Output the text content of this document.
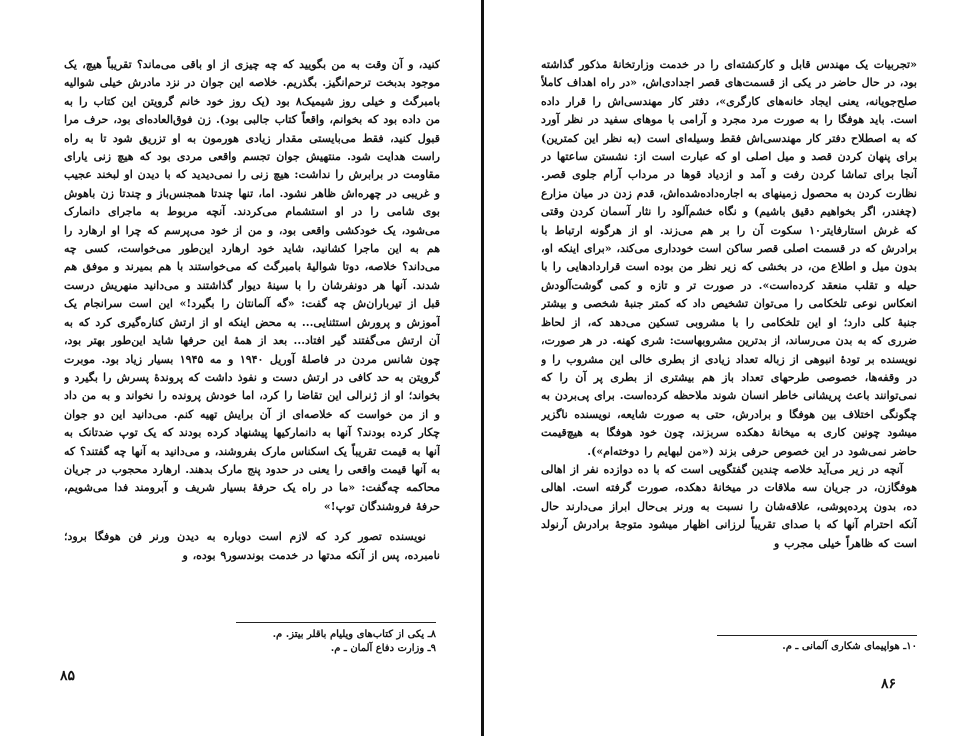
کنید، و آن وقت به من بگویید که چه چیزی از او باقی می‌ماند؟ تقریباً هیچ، یک موجود بدبخت ترحم‌انگیز. بگذریم. خلاصه این جوان در نزد مادرش خیلی شوالیه بامبرگث و خیلی روز شیمیک۸ بود (یک روز خود خانم گرویتن این کتاب را به من داده بود که بخوانم، واقعاً کتاب جالبی بود). زن فوق‌العاده‌ای بود، حرف مرا قبول کنید، فقط می‌بایستی مقدار زیادی هورمون به او تزریق شود تا به راه راست هدایت شود. منتهیش جوان تجسم واقعی مردی بود که هیچ زنی یارای مقاومت در برابرش را نداشت: هیچ زنی را نمی‌دیدید که با دیدن او لبخند عجیب و غریبی در چهره‌اش ظاهر نشود. اما، تنها چندتا همجنس‌باز و چندتا زن باهوش بوی شامی را در او استشمام می‌کردند. آنچه مربوط به ماجرای دانمارک می‌شود، یک خودکشی واقعی بود، و من از خود می‌پرسم که چرا او ارهارد را هم به این ماجرا کشانید، شاید خود ارهارد این‌طور می‌خواست، کسی چه می‌داند؟ خلاصه، دوتا شوالیهٔ بامبرگث که می‌خواستند با هم بمیرند و موفق هم شدند. آنها هر دونفرشان را با سینهٔ دیوار گذاشتند و می‌دانید منهریش درست قبل از تیرباران‌ش چه گفت: «گه آلمانتان را بگیرد!» این است سرانجام یک آموزش و پرورش استثنایی... به محض اینکه او از ارتش کناره‌گیری کرد که به آن ارتش می‌گفتند گیر افتاد... بعد از همهٔ این حرفها شاید این‌طور بهتر بود، چون شانس مردن در فاصلهٔ آوریل ۱۹۴۰ و مه ۱۹۴۵ بسیار زیاد بود. موبرت گرویتن به حد کافی در ارتش دست و نفوذ داشت که پروندهٔ پسرش را بگیرد و بخواند؛ او از ژنرالی این تقاضا را کرد، اما خودش پرونده را نخواند و به من داد و از من خواست که خلاصه‌ای از آن برایش تهیه کنم. می‌دانید این دو جوان چکار کرده بودند؟ آنها به دانمارکیها پیشنهاد کرده بودند که یک توپ ضدتانک به آنها به قیمت تقریباً یک اسکناس مارک بفروشند، و می‌دانید به آنها چه گفتند؟ که به آنها قیمت واقعی را یعنی در حدود پنج مارک بدهند. ارهارد محجوب در جریان محاکمه چه‌گفت: «ما در راه یک حرفهٔ بسیار شریف و آبرومند فدا می‌شویم، حرفهٔ فروشندگان توپ!»

نویسنده تصور کرد که لازم است دوباره به دیدن ورنر فن هوفگا برود؛ نامبرده، پس از آنکه مدتها در خدمت بوندسور۹ بوده، و

۸ـ یکی از کتاب‌های ویلیام باقلر بیتز. م.
۹ـ وزارت دفاع آلمان ـ م.
۸۵

«تجربیات یک مهندس قابل و کارکشته‌ای را در خدمت وزارتخانهٔ مذکور گذاشته بود، در حال حاضر در یکی از قسمت‌های قصر اجدادی‌اش، «در راه اهداف کاملاً صلح‌جویانه، یعنی ایجاد خانه‌های کارگری»، دفتر کار مهندسی‌اش را قرار داده است. باید هوفگا را به صورت مرد مجرد و آرامی با موهای سفید در نظر آورد که به اصطلاح دفتر کار مهندسی‌اش فقط وسیله‌ای است (به نظر این کمترین) برای پنهان کردن قصد و میل اصلی او که عبارت است از: نشستن ساعتها در آنجا برای تماشا کردن رفت و آمد و ازدیاد قوها در مرداب آرام جلوی قصر. نظارت کردن به محصول زمینهای به اجاره‌داده‌شده‌اش، قدم زدن در میان مزارع (چغندر، اگر بخواهیم دقیق باشیم) و نگاه خشم‌آلود را نثار آسمان کردن وقتی که غرش استارفایتر۱۰ سکوت آن را بر هم می‌زند. او از هرگونه ارتباط با برادرش که در قسمت اصلی قصر ساکن است خودداری می‌کند، «برای اینکه او، بدون میل و اطلاع من، در بخشی که زیر نظر من بوده است قراردادهایی را با حیله و تقلب منعقد کرده‌است». در صورت تر و تازه و کمی گوشت‌آلودش انعکاس نوعی تلخکامی را می‌توان تشخیص داد که کمتر جنبهٔ شخصی و بیشتر جنبهٔ کلی دارد؛ او این تلخکامی را با مشروبی تسکین می‌دهد که، از لحاظ ضرری که به بدن می‌رساند، از بدترین مشروبهاست: شری کهنه. در هر صورت، نویسنده بر تودهٔ انبوهی از زباله تعداد زیادی از بطری خالی این مشروب را و در وقفه‌ها، خصوصی طرحهای تعداد باز هم بیشتری از بطری پر آن را که نمی‌توانند باعث پریشانی خاطر انسان شوند ملاحظه کرده‌است. برای پی‌بردن به چگونگی اختلاف بین هوفگا و برادرش، حتی به صورت شایعه، نویسنده ناگزیر میشود چونین کاری به میخانهٔ دهکده سربزند، چون خود هوفگا به هیچ‌قیمت حاضر نمی‌شود در این خصوص حرفی بزند («من لبهایم را دوخته‌ام»).

آنچه در زیر می‌آید خلاصه چندین گفتگویی است که با ده دوازده نفر از اهالی هوفگازن، در جریان سه ملاقات در میخانهٔ دهکده، صورت گرفته است. اهالی ده، بدون پرده‌پوشی، علاقه‌شان را نسبت به ورنر بی‌حال ابراز می‌دارند حال آنکه احترام آنها که با صدای تقریباً لرزانی اظهار میشود متوجهٔ برادرش آرنولد است که ظاهراً خیلی مجرب و

۱۰ـ هواپیمای شکاری آلمانی ـ م.
۸۶
